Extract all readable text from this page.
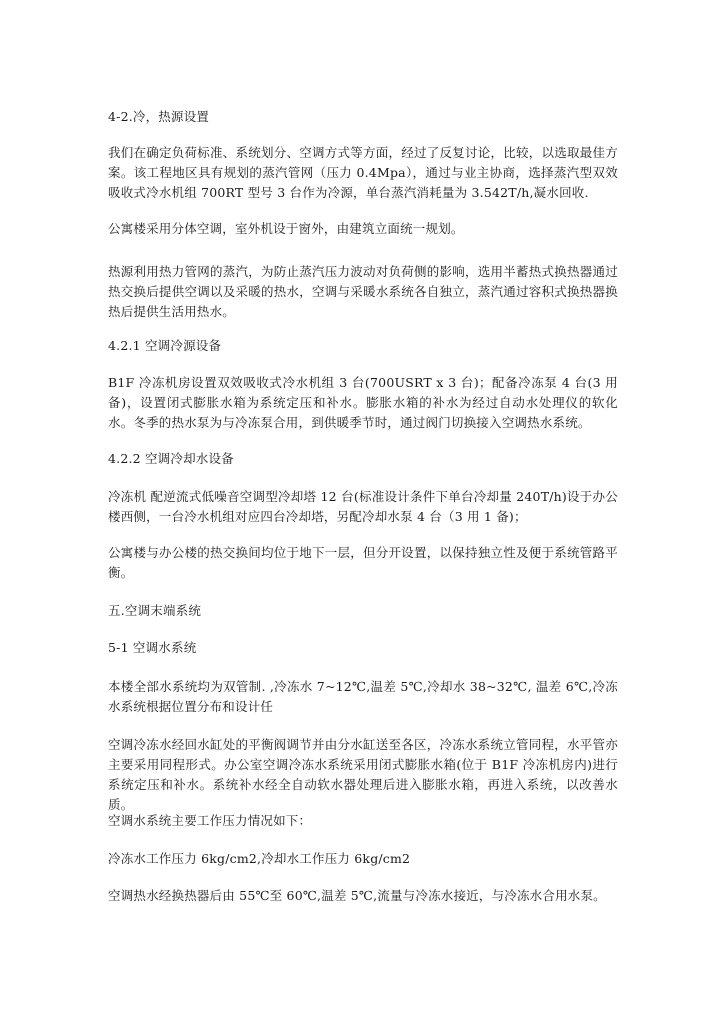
4-2.冷，热源设置

我们在确定负荷标准、系统划分、空调方式等方面，经过了反复讨论，比较，以选取最佳方案。该工程地区具有规划的蒸汽管网（压力 0.4Mpa），通过与业主协商，选择蒸汽型双效吸收式冷水机组 700RT 型号 3 台作为冷源，单台蒸汽消耗量为 3.542T/h,凝水回收.

公寓楼采用分体空调，室外机设于窗外，由建筑立面统一规划。

热源利用热力管网的蒸汽，为防止蒸汽压力波动对负荷侧的影响，选用半蓄热式换热器通过热交换后提供空调以及采暖的热水，空调与采暖水系统各自独立，蒸汽通过容积式换热器换热后提供生活用热水。

4.2.1 空调冷源设备

B1F 冷冻机房设置双效吸收式冷水机组 3 台(700USRT x 3 台)；配备冷冻泵 4 台(3 用　备)，设置闭式膨胀水箱为系统定压和补水。膨胀水箱的补水为经过自动水处理仪的软化水。冬季的热水泵为与冷冻泵合用，到供暖季节时，通过阀门切换接入空调热水系统。

4.2.2 空调冷却水设备

冷冻机 配逆流式低噪音空调型冷却塔 12 台(标准设计条件下单台冷却量 240T/h)设于办公楼西侧，一台冷水机组对应四台冷却塔，另配冷却水泵 4 台（3 用 1 备)；

公寓楼与办公楼的热交换间均位于地下一层，但分开设置，以保持独立性及便于系统管路平衡。

五.空调末端系统

5-1 空调水系统

本楼全部水系统均为双管制. ,冷冻水 7~12℃,温差 5℃,冷却水 38~32℃, 温差 6℃,冷冻水系统根据位置分布和设计任

空调冷冻水经回水缸处的平衡阀调节并由分水缸送至各区，冷冻水系统立管同程，水平管亦主要采用同程形式。办公室空调冷冻水系统采用闭式膨胀水箱(位于 B1F 冷冻机房内)进行系统定压和补水。系统补水经全自动软水器处理后进入膨胀水箱，再进入系统，以改善水质。

空调水系统主要工作压力情况如下：

冷冻水工作压力 6kg/cm2,冷却水工作压力 6kg/cm2

空调热水经换热器后由 55℃至 60℃,温差 5℃,流量与冷冻水接近，与冷冻水合用水泵。
